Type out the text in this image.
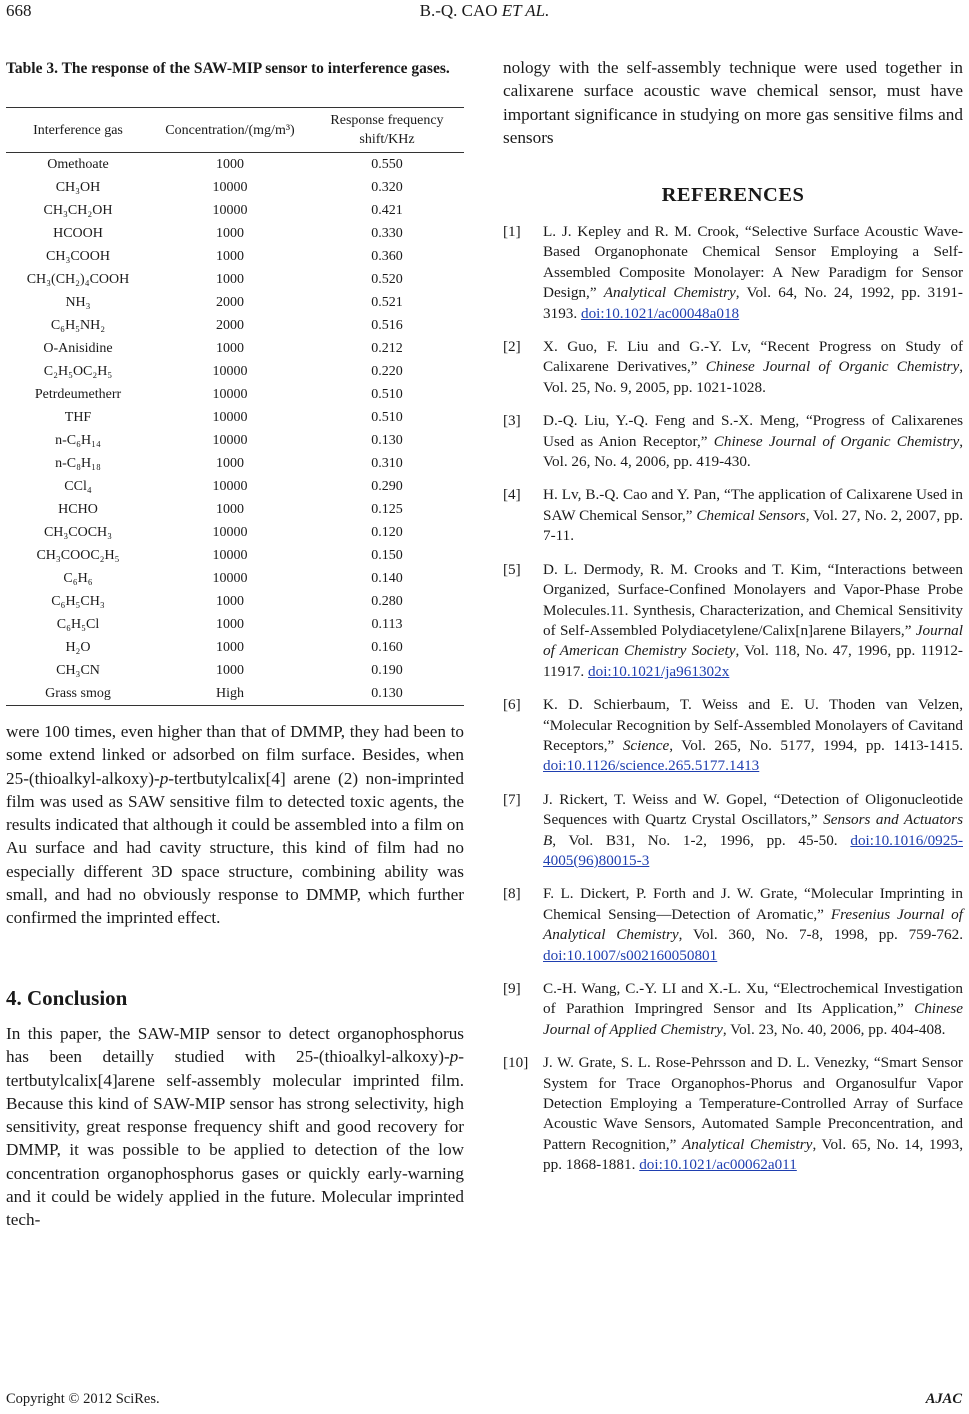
668	B.-Q. CAO ET AL.
Table 3. The response of the SAW-MIP sensor to interference gases.
Interference gas	Concentration/(mg/m³)	Response frequency shift/KHz
Omethoate	1000	0.550
CH₃OH	10000	0.320
CH₃CH₂OH	10000	0.421
HCOOH	1000	0.330
CH₃COOH	1000	0.360
CH₃(CH₂)₄COOH	1000	0.520
NH₃	2000	0.521
C₆H₅NH₂	2000	0.516
O-Anisidine	1000	0.212
C₂H₅OC₂H₅	10000	0.220
Petrdeumetherr	10000	0.510
THF	10000	0.510
n-C₆H₁₄	10000	0.130
n-C₈H₁₈	1000	0.310
CCl₄	10000	0.290
HCHO	1000	0.125
CH₃COCH₃	10000	0.120
CH₃COOC₂H₅	10000	0.150
C₆H₆	10000	0.140
C₆H₅CH₃	1000	0.280
C₆H₅Cl	1000	0.113
H₂O	1000	0.160
CH₃CN	1000	0.190
Grass smog	High	0.130
were 100 times, even higher than that of DMMP, they had been to some extend linked or adsorbed on film surface. Besides, when 25-(thioalkyl-alkoxy)-p-tertbutylcalix[4] arene (2) non-imprinted film was used as SAW sensitive film to detected toxic agents, the results indicated that although it could be assembled into a film on Au surface and had cavity structure, this kind of film had no especially different 3D space structure, combining ability was small, and had no obviously response to DMMP, which further confirmed the imprinted effect.
4. Conclusion
In this paper, the SAW-MIP sensor to detect organophosphorus has been detailly studied with 25-(thioalkyl-alkoxy)-p-tertbutylcalix[4]arene self-assembly molecular imprinted film. Because this kind of SAW-MIP sensor has strong selectivity, high sensitivity, great response frequency shift and good recovery for DMMP, it was possible to be applied to detection of the low concentration organophosphorus gases or quickly early-warning and it could be widely applied in the future. Molecular imprinted tech-
nology with the self-assembly technique were used together in calixarene surface acoustic wave chemical sensor, must have important significance in studying on more gas sensitive films and sensors
REFERENCES
[1] L. J. Kepley and R. M. Crook, “Selective Surface Acoustic Wave-Based Organophonate Chemical Sensor Employing a Self-Assembled Composite Monolayer: A New Paradigm for Sensor Design,” Analytical Chemistry, Vol. 64, No. 24, 1992, pp. 3191-3193. doi:10.1021/ac00048a018
[2] X. Guo, F. Liu and G.-Y. Lv, “Recent Progress on Study of Calixarene Derivatives,” Chinese Journal of Organic Chemistry, Vol. 25, No. 9, 2005, pp. 1021-1028.
[3] D.-Q. Liu, Y.-Q. Feng and S.-X. Meng, “Progress of Calixarenes Used as Anion Receptor,” Chinese Journal of Organic Chemistry, Vol. 26, No. 4, 2006, pp. 419-430.
[4] H. Lv, B.-Q. Cao and Y. Pan, “The application of Calixarene Used in SAW Chemical Sensor,” Chemical Sensors, Vol. 27, No. 2, 2007, pp. 7-11.
[5] D. L. Dermody, R. M. Crooks and T. Kim, “Interactions between Organized, Surface-Confined Monolayers and Vapor-Phase Probe Molecules.11. Synthesis, Characterization, and Chemical Sensitivity of Self-Assembled Polydiacetylene/Calix[n]arene Bilayers,” Journal of American Chemistry Society, Vol. 118, No. 47, 1996, pp. 11912-11917. doi:10.1021/ja961302x
[6] K. D. Schierbaum, T. Weiss and E. U. Thoden van Velzen, “Molecular Recognition by Self-Assembled Monolayers of Cavitand Receptors,” Science, Vol. 265, No. 5177, 1994, pp. 1413-1415. doi:10.1126/science.265.5177.1413
[7] J. Rickert, T. Weiss and W. Gopel, “Detection of Oligonucleotide Sequences with Quartz Crystal Oscillators,” Sensors and Actuators B, Vol. B31, No. 1-2, 1996, pp. 45-50. doi:10.1016/0925-4005(96)80015-3
[8] F. L. Dickert, P. Forth and J. W. Grate, “Molecular Imprinting in Chemical Sensing—Detection of Aromatic,” Fresenius Journal of Analytical Chemistry, Vol. 360, No. 7-8, 1998, pp. 759-762. doi:10.1007/s002160050801
[9] C.-H. Wang, C.-Y. LI and X.-L. Xu, “Electrochemical Investigation of Parathion Impringred Sensor and Its Application,” Chinese Journal of Applied Chemistry, Vol. 23, No. 40, 2006, pp. 404-408.
[10] J. W. Grate, S. L. Rose-Pehrsson and D. L. Venezky, “Smart Sensor System for Trace Organophos-Phorus and Organosulfur Vapor Detection Employing a Temperature-Controlled Array of Surface Acoustic Wave Sensors, Automated Sample Preconcentration, and Pattern Recognition,” Analytical Chemistry, Vol. 65, No. 14, 1993, pp. 1868-1881. doi:10.1021/ac00062a011
Copyright © 2012 SciRes.	AJAC
